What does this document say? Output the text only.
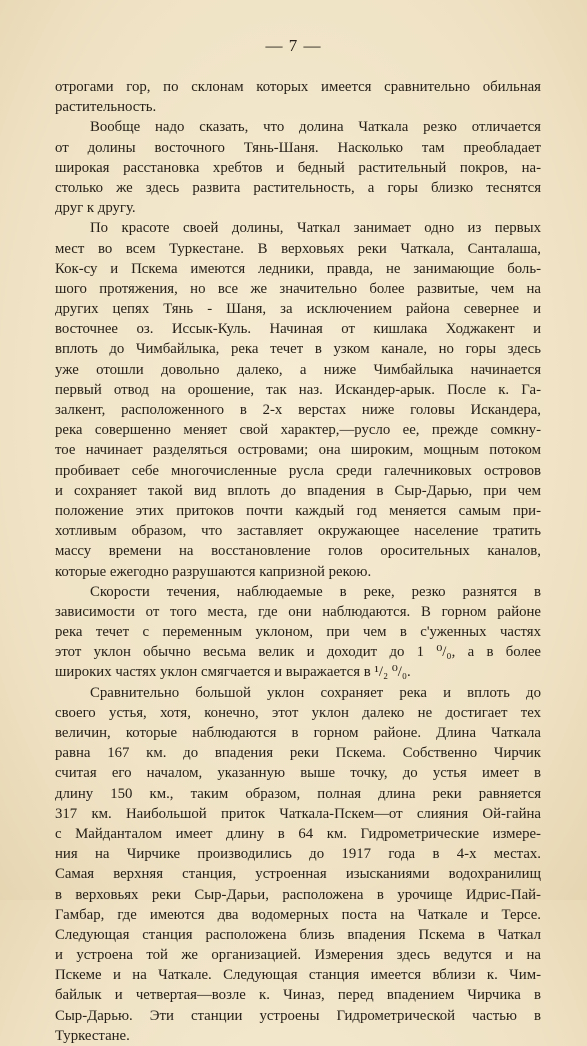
— 7 —
отрогами гор, по склонам которых имеется сравнительно обильная
растительность.
Вообще надо сказать, что долина Чаткала резко отличается
от долины восточного Тянь-Шаня. Насколько там преобладает
широкая расстановка хребтов и бедный растительный покров, на-
столько же здесь развита растительность, а горы близко теснятся
друг к другу.
По красоте своей долины, Чаткал занимает одно из первых
мест во всем Туркестане. В верховьях реки Чаткала, Санталаша,
Кок-су и Пскема имеются ледники, правда, не занимающие боль-
шого протяжения, но все же значительно более развитые, чем на
других цепях Тянь - Шаня, за исключением района севернее и
восточнее оз. Иссык-Куль. Начиная от кишлака Ходжакент и
вплоть до Чимбайлыка, река течет в узком канале, но горы здесь
уже отошли довольно далеко, а ниже Чимбайлыка начинается
первый отвод на орошение, так наз. Искандер-арык. После к. Га-
залкент, расположенного в 2-х верстах ниже головы Искандера,
река совершенно меняет свой характер,—русло ее, прежде сомкну-
тое начинает разделяться островами; она широким, мощным потоком
пробивает себе многочисленные русла среди галечниковых островов
и сохраняет такой вид вплоть до впадения в Сыр-Дарью, при чем
положение этих притоков почти каждый год меняется самым при-
хотливым образом, что заставляет окружающее население тратить
массу времени на восстановление голов оросительных каналов,
которые ежегодно разрушаются капризной рекою.
Скорости течения, наблюдаемые в реке, резко разнятся в
зависимости от того места, где они наблюдаются. В горном районе
река течет с переменным уклоном, при чем в с'уженных частях
этот уклон обычно весьма велик и доходит до 1 ⁰/₀, а в более
широких частях уклон смягчается и выражается в ¹/₂ ⁰/₀.
Сравнительно большой уклон сохраняет река и вплоть до
своего устья, хотя, конечно, этот уклон далеко не достигает тех
величин, которые наблюдаются в горном районе. Длина Чаткала
равна 167 км. до впадения реки Пскема. Собственно Чирчик
считая его началом, указанную выше точку, до устья имеет в
длину 150 км., таким образом, полная длина реки равняется
317 км. Наибольшой приток Чаткала-Пскем—от слияния Ой-гайна
с Майданталом имеет длину в 64 км. Гидрометрические измере-
ния на Чирчике производились до 1917 года в 4-х местах.
Самая верхняя станция, устроенная изысканиями водохранилищ
в верховьях реки Сыр-Дарьи, расположена в урочище Идрис-Пай-
Гамбар, где имеются два водомерных поста на Чаткале и Терсе.
Следующая станция расположена близь впадения Пскема в Чаткал
и устроена той же организацией. Измерения здесь ведутся и на
Пскеме и на Чаткале. Следующая станция имеется вблизи к. Чим-
байлык и четвертая—возле к. Чиназ, перед впадением Чирчика в
Сыр-Дарью. Эти станции устроены Гидрометрической частью в
Туркестане.
